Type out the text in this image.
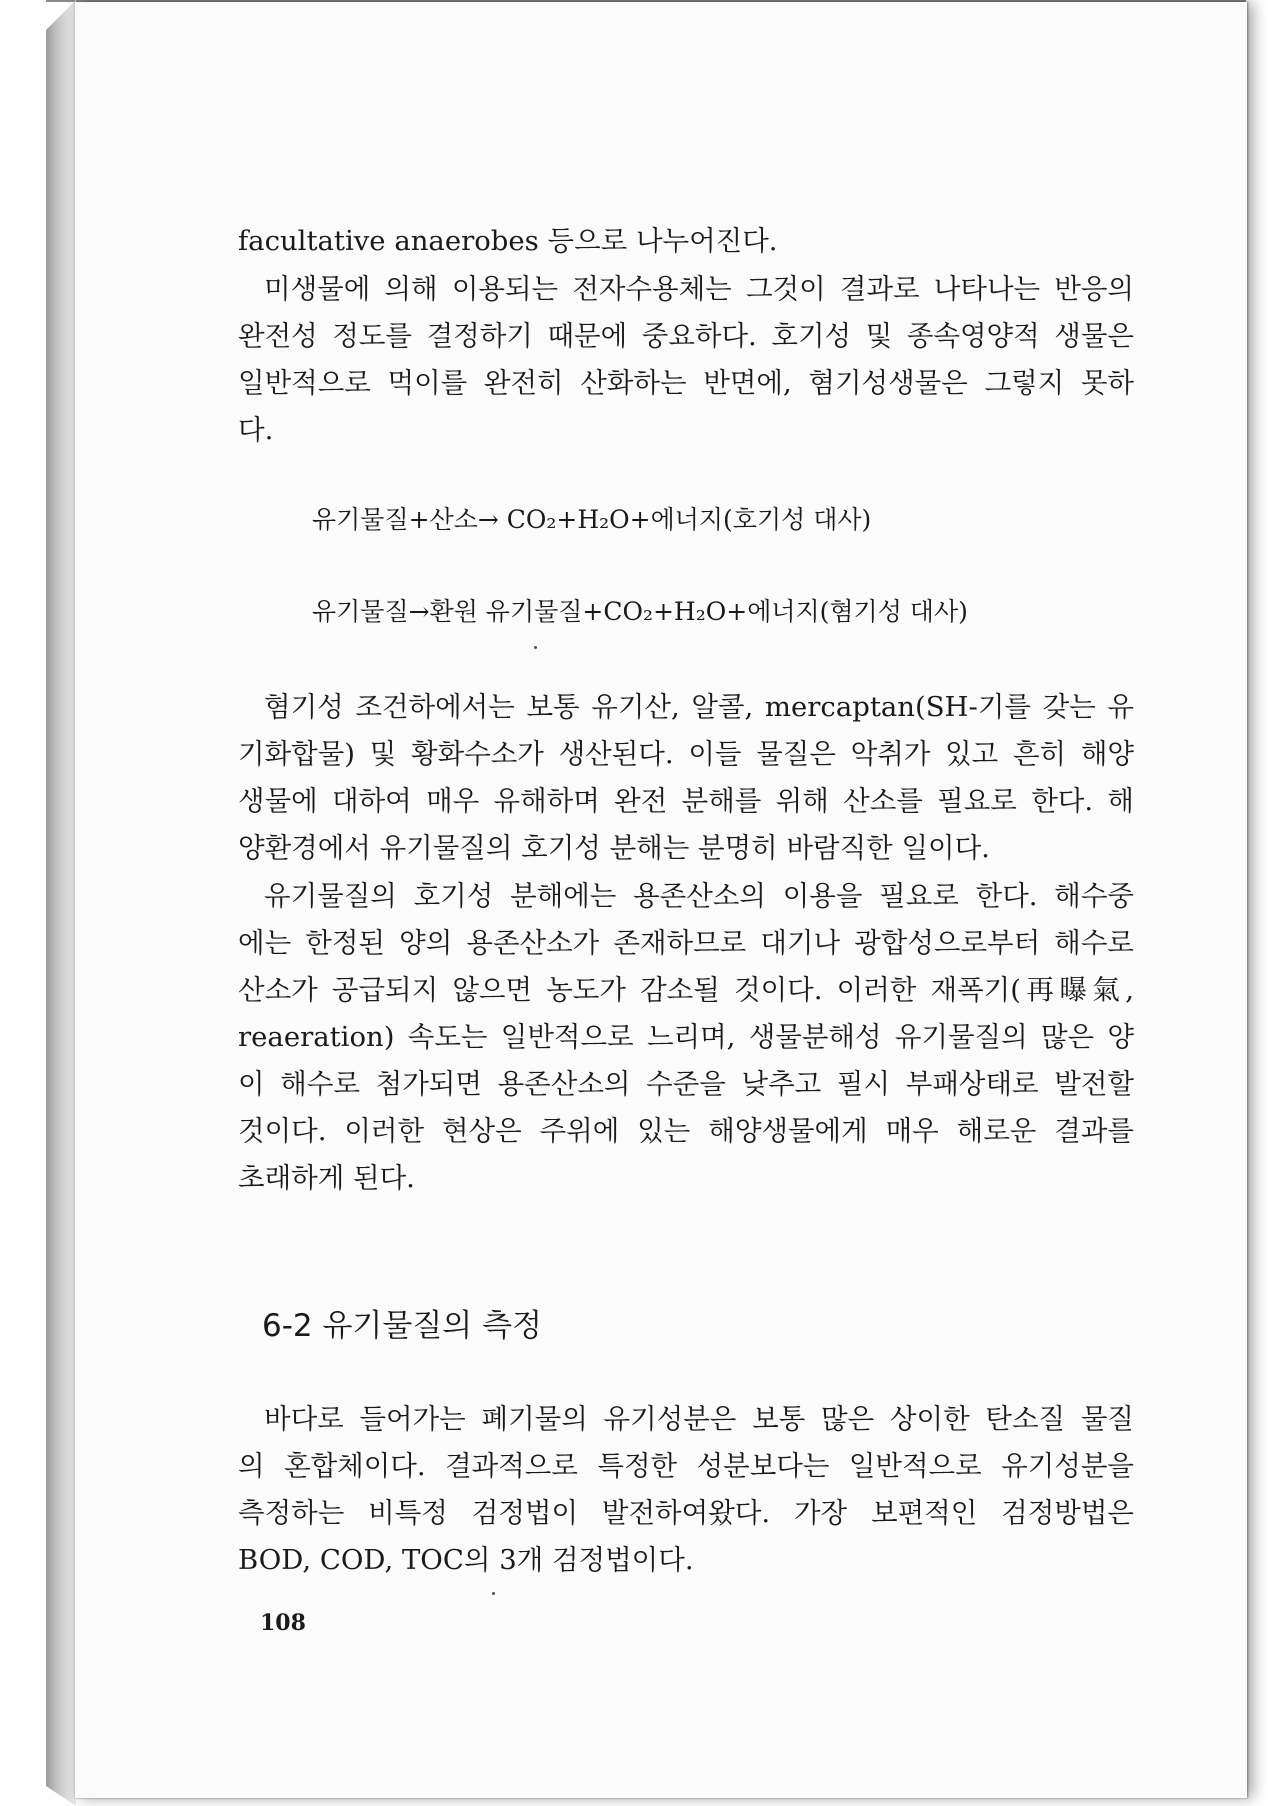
facultative anaerobes 등으로 나누어진다.
미생물에 의해 이용되는 전자수용체는 그것이 결과로 나타나는 반응의
완전성 정도를 결정하기 때문에 중요하다. 호기성 및 종속영양적 생물은
일반적으로 먹이를 완전히 산화하는 반면에, 혐기성생물은 그렇지 못하
다.
유기물질+산소→ CO₂+H₂O+에너지(호기성 대사)
유기물질→환원 유기물질+CO₂+H₂O+에너지(혐기성 대사)
혐기성 조건하에서는 보통 유기산, 알콜, mercaptan(SH-기를 갖는 유
기화합물) 및 황화수소가 생산된다. 이들 물질은 악취가 있고 흔히 해양
생물에 대하여 매우 유해하며 완전 분해를 위해 산소를 필요로 한다. 해
양환경에서 유기물질의 호기성 분해는 분명히 바람직한 일이다.
유기물질의 호기성 분해에는 용존산소의 이용을 필요로 한다. 해수중
에는 한정된 양의 용존산소가 존재하므로 대기나 광합성으로부터 해수로
산소가 공급되지 않으면 농도가 감소될 것이다. 이러한 재폭기(再曝氣,
reaeration) 속도는 일반적으로 느리며, 생물분해성 유기물질의 많은 양
이 해수로 첨가되면 용존산소의 수준을 낮추고 필시 부패상태로 발전할
것이다. 이러한 현상은 주위에 있는 해양생물에게 매우 해로운 결과를
초래하게 된다.
6-2 유기물질의 측정
바다로 들어가는 폐기물의 유기성분은 보통 많은 상이한 탄소질 물질
의 혼합체이다. 결과적으로 특정한 성분보다는 일반적으로 유기성분을
측정하는 비특정 검정법이 발전하여왔다. 가장 보편적인 검정방법은
BOD, COD, TOC의 3개 검정법이다.
108
